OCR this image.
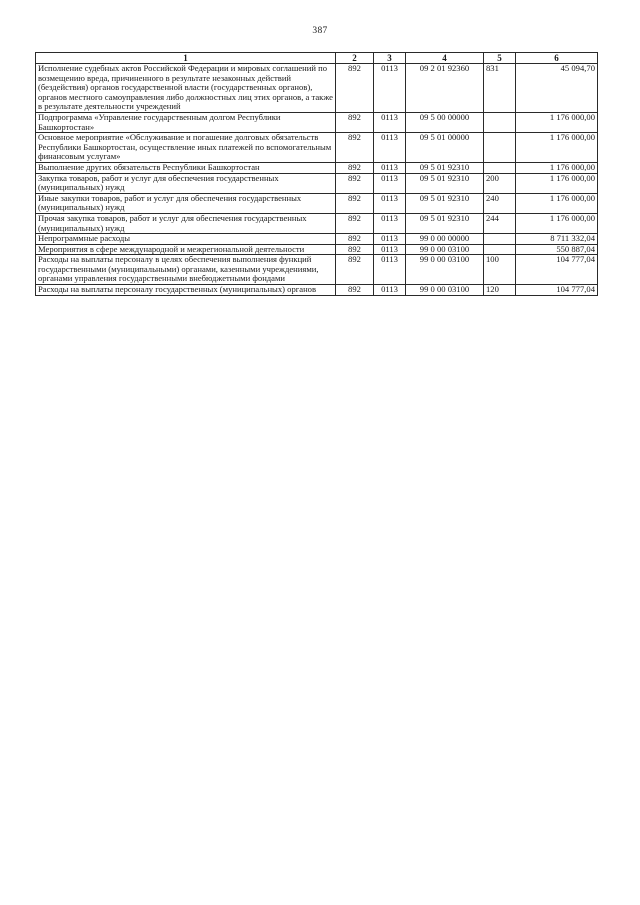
387
1	2	3	4	5	6
Исполнение судебных актов Российской Федерации и мировых соглашений по возмещению вреда, причиненного в результате незаконных действий (бездействия) органов государственной власти (государственных органов), органов местного самоуправления либо должностных лиц этих органов, а также в результате деятельности учреждений	892	0113	09 2 01 92360	831	45 094,70
Подпрограмма «Управление государственным долгом Республики Башкортостан»	892	0113	09 5 00 00000		1 176 000,00
Основное мероприятие «Обслуживание и погашение долговых обязательств Республики Башкортостан, осуществление иных платежей по вспомогательным финансовым услугам»	892	0113	09 5 01 00000		1 176 000,00
Выполнение других обязательств Республики Башкортостан	892	0113	09 5 01 92310		1 176 000,00
Закупка товаров, работ и услуг для обеспечения государственных (муниципальных) нужд	892	0113	09 5 01 92310	200	1 176 000,00
Иные закупки товаров, работ и услуг для обеспечения государственных (муниципальных) нужд	892	0113	09 5 01 92310	240	1 176 000,00
Прочая закупка товаров, работ и услуг для обеспечения государственных (муниципальных) нужд	892	0113	09 5 01 92310	244	1 176 000,00
Непрограммные расходы	892	0113	99 0 00 00000		8 711 332,04
Мероприятия в сфере международной и межрегиональной деятельности	892	0113	99 0 00 03100		550 887,04
Расходы на выплаты персоналу в целях обеспечения выполнения функций государственными (муниципальными) органами, казенными учреждениями, органами управления государственными внебюджетными фондами	892	0113	99 0 00 03100	100	104 777,04
Расходы на выплаты персоналу государственных (муниципальных) органов	892	0113	99 0 00 03100	120	104 777,04
